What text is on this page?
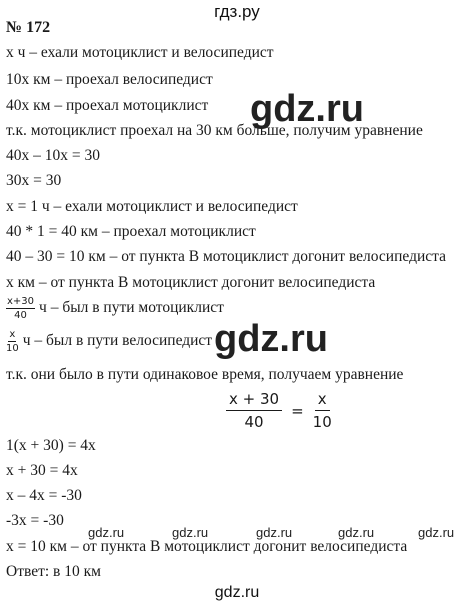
гдз.ру
№ 172
х ч – ехали мотоциклист и велосипедист
10х км – проехал велосипедист
40х км – проехал мотоциклист
т.к. мотоциклист проехал на 30 км больше, получим уравнение
40х – 10х = 30
30х = 30
х = 1 ч – ехали мотоциклист и велосипедист
40 * 1 = 40 км – проехал мотоциклист
40 – 30 = 10 км – от пункта В мотоциклист догонит велосипедиста
х км – от пункта В мотоциклист догонит велосипедиста
$\frac{x+30}{40}$ ч – был в пути мотоциклист
$\frac{x}{10}$ ч – был в пути велосипедист
т.к. они было в пути одинаковое время, получаем уравнение
$\frac{x + 30}{40} = \frac{x}{10}$
1(х + 30) = 4х
х + 30 = 4х
х – 4х = -30
-3х = -30
х = 10 км – от пункта В мотоциклист догонит велосипедиста
Ответ: в 10 км
gdz.ru
gdz.ru
gdz.ru	gdz.ru	gdz.ru	gdz.ru	gdz.ru
gdz.ru
